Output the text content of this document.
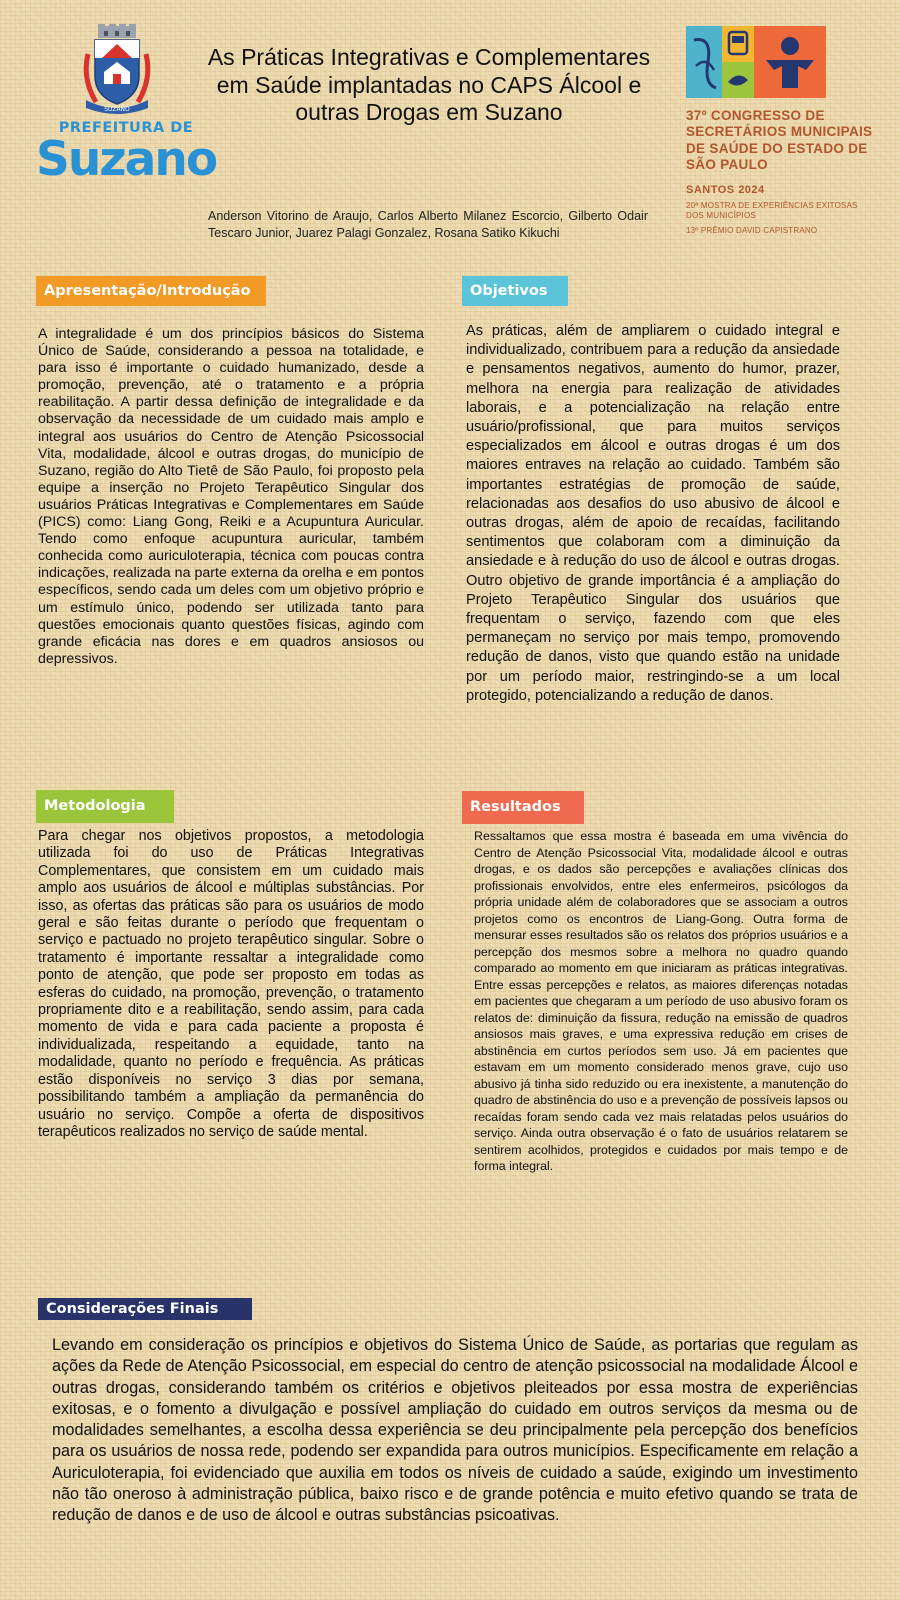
SUZANO
PREFEITURA DE
Suzano
As Práticas Integrativas e Complementares em Saúde implantadas no CAPS Álcool e outras Drogas em Suzano
Anderson Vitorino de Araujo, Carlos Alberto Milanez Escorcio, Gilberto Odair Tescaro Junior, Juarez Palagi Gonzalez, Rosana Satiko Kikuchi
37º CONGRESSO DE SECRETÁRIOS MUNICIPAIS DE SAÚDE DO ESTADO DE SÃO PAULO
SANTOS 2024
20ª MOSTRA DE EXPERIÊNCIAS EXITOSAS DOS MUNICÍPIOS
13º PRÊMIO DAVID CAPISTRANO
Apresentação/Introdução
A integralidade é um dos princípios básicos do Sistema Único de Saúde, considerando a pessoa na totalidade, e para isso é importante o cuidado humanizado, desde a promoção, prevenção, até o tratamento e a própria reabilitação. A partir dessa definição de integralidade e da observação da necessidade de um cuidado mais amplo e integral aos usuários do Centro de Atenção Psicossocial Vita, modalidade, álcool e outras drogas, do município de Suzano, região do Alto Tietê de São Paulo, foi proposto pela equipe a inserção no Projeto Terapêutico Singular dos usuários Práticas Integrativas e Complementares em Saúde (PICS) como: Liang Gong, Reiki e a Acupuntura Auricular. Tendo como enfoque acupuntura auricular, também conhecida como auriculoterapia, técnica com poucas contra indicações, realizada na parte externa da orelha e em pontos específicos, sendo cada um deles com um objetivo próprio e um estímulo único, podendo ser utilizada tanto para questões emocionais quanto questões físicas, agindo com grande eficácia nas dores e em quadros ansiosos ou depressivos.
Objetivos
As práticas, além de ampliarem o cuidado integral e individualizado, contribuem para a redução da ansiedade e pensamentos negativos, aumento do humor, prazer, melhora na energia para realização de atividades laborais, e a potencialização na relação entre usuário/profissional, que para muitos serviços especializados em álcool e outras drogas é um dos maiores entraves na relação ao cuidado. Também são importantes estratégias de promoção de saúde, relacionadas aos desafios do uso abusivo de álcool e outras drogas, além de apoio de recaídas, facilitando sentimentos que colaboram com a diminuição da ansiedade e à redução do uso de álcool e outras drogas. Outro objetivo de grande importância é a ampliação do Projeto Terapêutico Singular dos usuários que frequentam o serviço, fazendo com que eles permaneçam no serviço por mais tempo, promovendo redução de danos, visto que quando estão na unidade por um período maior, restringindo-se a um local protegido, potencializando a redução de danos.
Metodologia
Para chegar nos objetivos propostos, a metodologia utilizada foi do uso de Práticas Integrativas Complementares, que consistem em um cuidado mais amplo aos usuários de álcool e múltiplas substâncias. Por isso, as ofertas das práticas são para os usuários de modo geral e são feitas durante o período que frequentam o serviço e pactuado no projeto terapêutico singular. Sobre o tratamento é importante ressaltar a integralidade como ponto de atenção, que pode ser proposto em todas as esferas do cuidado, na promoção, prevenção, o tratamento propriamente dito e a reabilitação, sendo assim, para cada momento de vida e para cada paciente a proposta é individualizada, respeitando a equidade, tanto na modalidade, quanto no período e frequência. As práticas estão disponíveis no serviço 3 dias por semana, possibilitando também a ampliação da permanência do usuário no serviço. Compõe a oferta de dispositivos terapêuticos realizados no serviço de saúde mental.
Resultados
Ressaltamos que essa mostra é baseada em uma vivência do Centro de Atenção Psicossocial Vita, modalidade álcool e outras drogas, e os dados são percepções e avaliações clínicas dos profissionais envolvidos, entre eles enfermeiros, psicólogos da própria unidade além de colaboradores que se associam a outros projetos como os encontros de Liang-Gong. Outra forma de mensurar esses resultados são os relatos dos próprios usuários e a percepção dos mesmos sobre a melhora no quadro quando comparado ao momento em que iniciaram as práticas integrativas. Entre essas percepções e relatos, as maiores diferenças notadas em pacientes que chegaram a um período de uso abusivo foram os relatos de: diminuição da fissura, redução na emissão de quadros ansiosos mais graves, e uma expressiva redução em crises de abstinência em curtos períodos sem uso. Já em pacientes que estavam em um momento considerado menos grave, cujo uso abusivo já tinha sido reduzido ou era inexistente, a manutenção do quadro de abstinência do uso e a prevenção de possíveis lapsos ou recaídas foram sendo cada vez mais relatadas pelos usuários do serviço. Ainda outra observação é o fato de usuários relatarem se sentirem acolhidos, protegidos e cuidados por mais tempo e de forma integral.
Considerações Finais
Levando em consideração os princípios e objetivos do Sistema Único de Saúde, as portarias que regulam as ações da Rede de Atenção Psicossocial, em especial do centro de atenção psicossocial na modalidade Álcool e outras drogas, considerando também os critérios e objetivos pleiteados por essa mostra de experiências exitosas, e o fomento a divulgação e possível ampliação do cuidado em outros serviços da mesma ou de modalidades semelhantes, a escolha dessa experiência se deu principalmente pela percepção dos benefícios para os usuários de nossa rede, podendo ser expandida para outros municípios. Especificamente em relação a Auriculoterapia, foi evidenciado que auxilia em todos os níveis de cuidado a saúde, exigindo um investimento não tão oneroso à administração pública, baixo risco e de grande potência e muito efetivo quando se trata de redução de danos e de uso de álcool e outras substâncias psicoativas.
